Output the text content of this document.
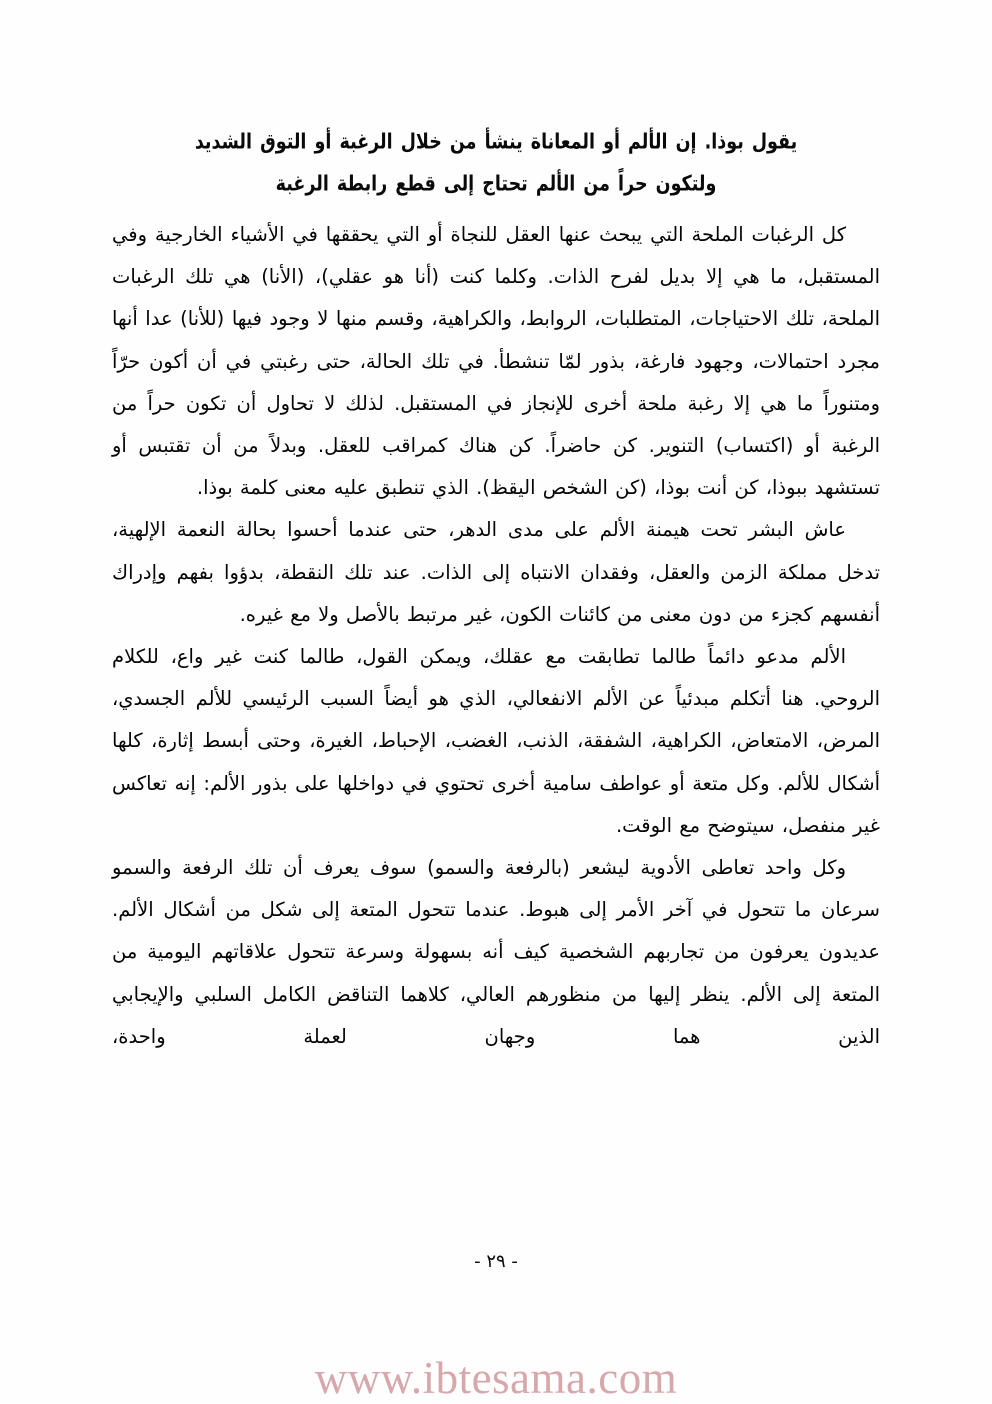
يقول بوذا. إن الألم أو المعاناة ينشأ من خلال الرغبة أو التوق الشديد
ولتكون حراً من الألم تحتاج إلى قطع رابطة الرغبة

كل الرغبات الملحة التي يبحث عنها العقل للنجاة أو التي يحققها في الأشياء الخارجية وفي المستقبل، ما هي إلا بديل لفرح الذات. وكلما كنت (أنا هو عقلي)، (الأنا) هي تلك الرغبات الملحة، تلك الاحتياجات، المتطلبات، الروابط، والكراهية، وقسم منها لا وجود فيها (للأنا) عدا أنها مجرد احتمالات، وجهود فارغة، بذور لمّا تنشطأ. في تلك الحالة، حتى رغبتي في أن أكون حرّاً ومتنوراً ما هي إلا رغبة ملحة أخرى للإنجاز في المستقبل. لذلك لا تحاول أن تكون حراً من الرغبة أو (اكتساب) التنوير. كن حاضراً. كن هناك كمراقب للعقل. وبدلاً من أن تقتبس أو تستشهد ببوذا، كن أنت بوذا، (كن الشخص اليقظ). الذي تنطبق عليه معنى كلمة بوذا.

عاش البشر تحت هيمنة الألم على مدى الدهر، حتى عندما أحسوا بحالة النعمة الإلهية، تدخل مملكة الزمن والعقل، وفقدان الانتباه إلى الذات. عند تلك النقطة، بدؤوا بفهم وإدراك أنفسهم كجزء من دون معنى من كائنات الكون، غير مرتبط بالأصل ولا مع غيره.

الألم مدعو دائماً طالما تطابقت مع عقلك، ويمكن القول، طالما كنت غير واع، للكلام الروحي. هنا أتكلم مبدئياً عن الألم الانفعالي، الذي هو أيضاً السبب الرئيسي للألم الجسدي، المرض، الامتعاض، الكراهية، الشفقة، الذنب، الغضب، الإحباط، الغيرة، وحتى أبسط إثارة، كلها أشكال للألم. وكل متعة أو عواطف سامية أخرى تحتوي في دواخلها على بذور الألم: إنه تعاكس غير منفصل، سيتوضح مع الوقت.

وكل واحد تعاطى الأدوية ليشعر (بالرفعة والسمو) سوف يعرف أن تلك الرفعة والسمو سرعان ما تتحول في آخر الأمر إلى هبوط. عندما تتحول المتعة إلى شكل من أشكال الألم. عديدون يعرفون من تجاربهم الشخصية كيف أنه بسهولة وسرعة تتحول علاقاتهم اليومية من المتعة إلى الألم. ينظر إليها من منظورهم العالي، كلاهما التناقض الكامل السلبي والإيجابي الذين هما وجهان لعملة واحدة،

- ٢٩ -
www.ibtesama.com
